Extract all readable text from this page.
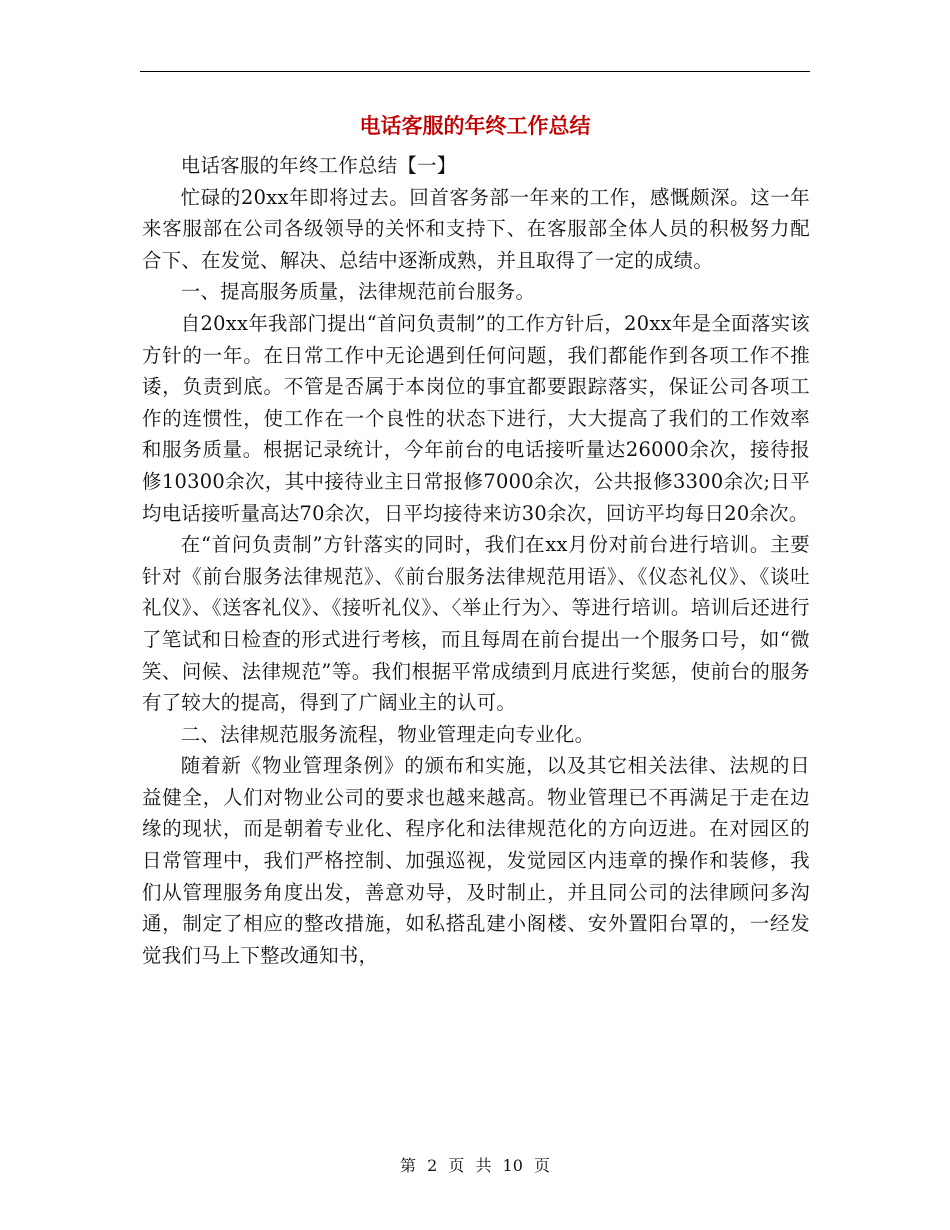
电话客服的年终工作总结

电话客服的年终工作总结【一】

忙碌的20xx年即将过去。回首客务部一年来的工作，感慨颇深。这一年来客服部在公司各级领导的关怀和支持下、在客服部全体人员的积极努力配合下、在发觉、解决、总结中逐渐成熟，并且取得了一定的成绩。

一、提高服务质量，法律规范前台服务。

自20xx年我部门提出“首问负责制”的工作方针后，20xx年是全面落实该方针的一年。在日常工作中无论遇到任何问题，我们都能作到各项工作不推诿，负责到底。不管是否属于本岗位的事宜都要跟踪落实，保证公司各项工作的连惯性，使工作在一个良性的状态下进行，大大提高了我们的工作效率和服务质量。根据记录统计，今年前台的电话接听量达26000余次，接待报修10300余次，其中接待业主日常报修7000余次，公共报修3300余次;日平均电话接听量高达70余次，日平均接待来访30余次，回访平均每日20余次。

在“首问负责制”方针落实的同时，我们在xx月份对前台进行培训。主要针对《前台服务法律规范》、《前台服务法律规范用语》、《仪态礼仪》、《谈吐礼仪》、《送客礼仪》、《接听礼仪》、〈举止行为〉、等进行培训。培训后还进行了笔试和日检查的形式进行考核，而且每周在前台提出一个服务口号，如“微笑、问候、法律规范”等。我们根据平常成绩到月底进行奖惩，使前台的服务有了较大的提高，得到了广阔业主的认可。

二、法律规范服务流程，物业管理走向专业化。

随着新《物业管理条例》的颁布和实施，以及其它相关法律、法规的日益健全，人们对物业公司的要求也越来越高。物业管理已不再满足于走在边缘的现状，而是朝着专业化、程序化和法律规范化的方向迈进。在对园区的日常管理中，我们严格控制、加强巡视，发觉园区内违章的操作和装修，我们从管理服务角度出发，善意劝导，及时制止，并且同公司的法律顾问多沟通，制定了相应的整改措施，如私搭乱建小阁楼、安外置阳台罩的，一经发觉我们马上下整改通知书，

第 2 页 共 10 页
